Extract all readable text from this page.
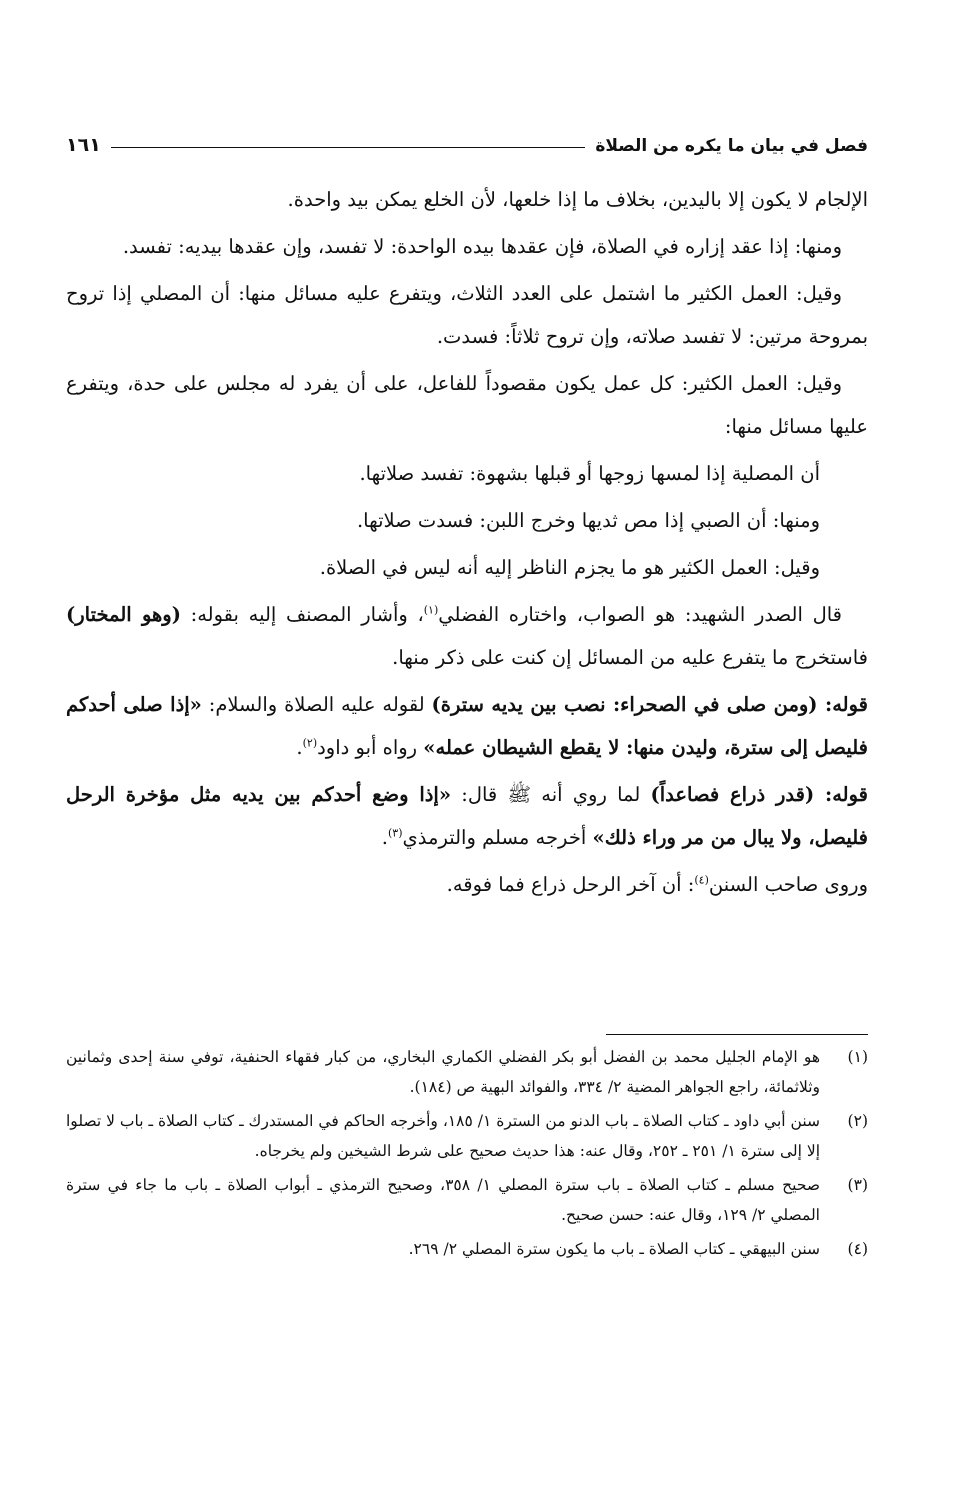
فصل في بيان ما يكره من الصلاة
١٦١

الإلجام لا يكون إلا باليدين، بخلاف ما إذا خلعها، لأن الخلع يمكن بيد واحدة.

ومنها: إذا عقد إزاره في الصلاة، فإن عقدها بيده الواحدة: لا تفسد، وإن عقدها بيديه: تفسد.

وقيل: العمل الكثير ما اشتمل على العدد الثلاث، ويتفرع عليه مسائل منها: أن المصلي إذا تروح بمروحة مرتين: لا تفسد صلاته، وإن تروح ثلاثاً: فسدت.

وقيل: العمل الكثير: كل عمل يكون مقصوداً للفاعل، على أن يفرد له مجلس على حدة، ويتفرع عليها مسائل منها:

أن المصلية إذا لمسها زوجها أو قبلها بشهوة: تفسد صلاتها.

ومنها: أن الصبي إذا مص ثديها وخرج اللبن: فسدت صلاتها.

وقيل: العمل الكثير هو ما يجزم الناظر إليه أنه ليس في الصلاة.

قال الصدر الشهيد: هو الصواب، واختاره الفضلي$^{(١)}$، وأشار المصنف إليه بقوله: (وهو المختار) فاستخرج ما يتفرع عليه من المسائل إن كنت على ذكر منها.

قوله: (ومن صلى في الصحراء: نصب بين يديه سترة) لقوله عليه الصلاة والسلام: «إذا صلى أحدكم فليصل إلى سترة، وليدن منها: لا يقطع الشيطان عمله» رواه أبو داود$^{(٢)}$.

قوله: (قدر ذراع فصاعداً) لما روي أنه ﷺ قال: «إذا وضع أحدكم بين يديه مثل مؤخرة الرحل فليصل، ولا يبال من مر وراء ذلك» أخرجه مسلم والترمذي$^{(٣)}$.

وروى صاحب السنن$^{(٤)}$: أن آخر الرحل ذراع فما فوقه.

(١)
هو الإمام الجليل محمد بن الفضل أبو بكر الفضلي الكماري البخاري، من كبار فقهاء الحنفية، توفي سنة إحدى وثمانين وثلاثمائة، راجع الجواهر المضية ٢/ ٣٣٤، والفوائد البهية ص (١٨٤).
(٢)
سنن أبي داود ـ كتاب الصلاة ـ باب الدنو من السترة ١/ ١٨٥، وأخرجه الحاكم في المستدرك ـ كتاب الصلاة ـ باب لا تصلوا إلا إلى سترة ١/ ٢٥١ ـ ٢٥٢، وقال عنه: هذا حديث صحيح على شرط الشيخين ولم يخرجاه.
(٣)
صحيح مسلم ـ كتاب الصلاة ـ باب سترة المصلي ١/ ٣٥٨، وصحيح الترمذي ـ أبواب الصلاة ـ باب ما جاء في سترة المصلي ٢/ ١٢٩، وقال عنه: حسن صحيح.
(٤)
سنن البيهقي ـ كتاب الصلاة ـ باب ما يكون سترة المصلي ٢/ ٢٦٩.
